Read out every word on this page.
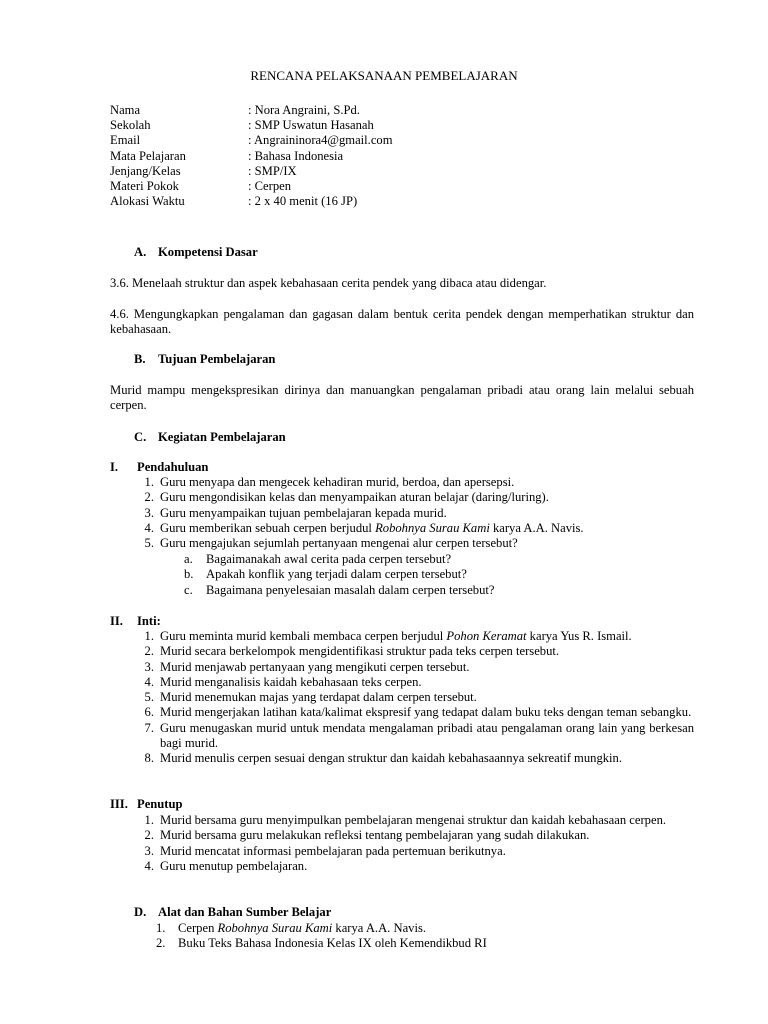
RENCANA PELAKSANAAN PEMBELAJARAN
Nama	: Nora Angraini, S.Pd.
Sekolah	: SMP Uswatun Hasanah
Email	: Angraininora4@gmail.com
Mata Pelajaran	: Bahasa Indonesia
Jenjang/Kelas	: SMP/IX
Materi Pokok	: Cerpen
Alokasi Waktu	: 2 x 40 menit (16 JP)
A. Kompetensi Dasar
3.6. Menelaah struktur dan aspek kebahasaan cerita pendek yang dibaca atau didengar.
4.6. Mengungkapkan pengalaman dan gagasan dalam bentuk cerita pendek dengan memperhatikan struktur dan kebahasaan.
B. Tujuan Pembelajaran
Murid mampu mengekspresikan dirinya dan manuangkan pengalaman pribadi atau orang lain melalui sebuah cerpen.
C. Kegiatan Pembelajaran
I. Pendahuluan
1. Guru menyapa dan mengecek kehadiran murid, berdoa, dan apersepsi.
2. Guru mengondisikan kelas dan menyampaikan aturan belajar (daring/luring).
3. Guru menyampaikan tujuan pembelajaran kepada murid.
4. Guru memberikan sebuah cerpen berjudul Robohnya Surau Kami karya A.A. Navis.
5. Guru mengajukan sejumlah pertanyaan mengenai alur cerpen tersebut?
a.	Bagaimanakah awal cerita pada cerpen tersebut?
b. Apakah konflik yang terjadi dalam cerpen tersebut?
c.	Bagaimana penyelesaian masalah dalam cerpen tersebut?
II. Inti:
1. Guru meminta murid kembali membaca cerpen berjudul Pohon Keramat karya Yus R. Ismail.
2. Murid secara berkelompok mengidentifikasi struktur pada teks cerpen tersebut.
3. Murid menjawab pertanyaan yang mengikuti cerpen tersebut.
4. Murid menganalisis kaidah kebahasaan teks cerpen.
5. Murid menemukan majas yang terdapat dalam cerpen tersebut.
6. Murid mengerjakan latihan kata/kalimat ekspresif yang tedapat dalam buku teks dengan teman sebangku.
7. Guru menugaskan murid untuk mendata mengalaman pribadi atau pengalaman orang lain yang berkesan bagi murid.
8. Murid menulis cerpen sesuai dengan struktur dan kaidah kebahasaannya sekreatif mungkin.
III. Penutup
1. Murid bersama guru menyimpulkan pembelajaran mengenai struktur dan kaidah kebahasaan cerpen.
2. Murid bersama guru melakukan refleksi tentang pembelajaran yang sudah dilakukan.
3. Murid mencatat informasi pembelajaran pada pertemuan berikutnya.
4. Guru menutup pembelajaran.
D. Alat dan Bahan Sumber Belajar
1. Cerpen Robohnya Surau Kami karya A.A. Navis.
2. Buku Teks Bahasa Indonesia Kelas IX oleh Kemendikbud RI
